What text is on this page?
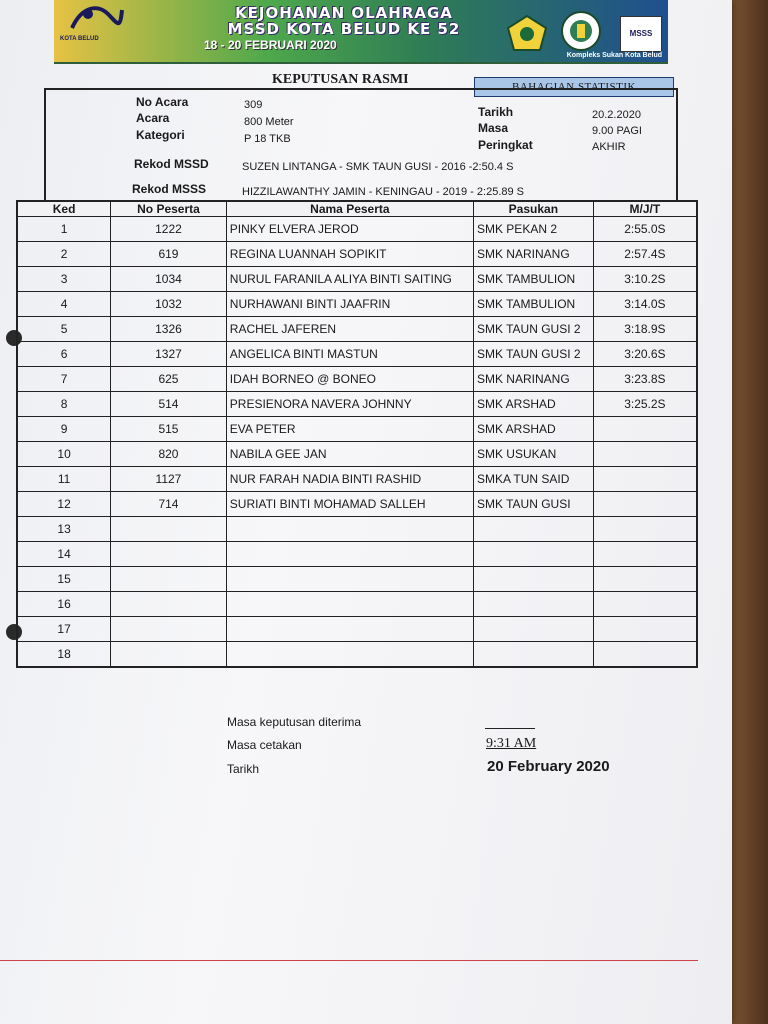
KOTA BELUD
KEJOHANAN OLAHRAGA
MSSD KOTA BELUD KE 52
18 - 20 FEBRUARI 2020
MSSS
Kompleks Sukan Kota Belud
KEPUTUSAN RASMI	BAHAGIAN STATISTIK
No Acara	309
Acara	800 Meter
Kategori	P 18 TKB
Tarikh	20.2.2020
Masa	9.00 PAGI
Peringkat	AKHIR
Rekod MSSD	SUZEN LINTANGA - SMK TAUN GUSI - 2016 -2:50.4 S
Rekod MSSS	HIZZILAWANTHY JAMIN - KENINGAU - 2019 - 2:25.89 S
Ked	No Peserta	Nama Peserta	Pasukan	M/J/T
1	1222	PINKY ELVERA JEROD	SMK PEKAN 2	2:55.0S
2	619	REGINA LUANNAH SOPIKIT	SMK NARINANG	2:57.4S
3	1034	NURUL FARANILA ALIYA BINTI SAITING	SMK TAMBULION	3:10.2S
4	1032	NURHAWANI BINTI JAAFRIN	SMK TAMBULION	3:14.0S
5	1326	RACHEL JAFEREN	SMK TAUN GUSI 2	3:18.9S
6	1327	ANGELICA BINTI MASTUN	SMK TAUN GUSI 2	3:20.6S
7	625	IDAH BORNEO @ BONEO	SMK NARINANG	3:23.8S
8	514	PRESIENORA NAVERA JOHNNY	SMK ARSHAD	3:25.2S
9	515	EVA PETER	SMK ARSHAD	
10	820	NABILA GEE JAN	SMK USUKAN	
11	1127	NUR FARAH NADIA BINTI RASHID	SMKA TUN SAID	
12	714	SURIATI BINTI MOHAMAD SALLEH	SMK TAUN GUSI	
13				
14				
15				
16				
17				
18				
Masa keputusan diterima
Masa cetakan	9:31 AM
Tarikh	20 February 2020
